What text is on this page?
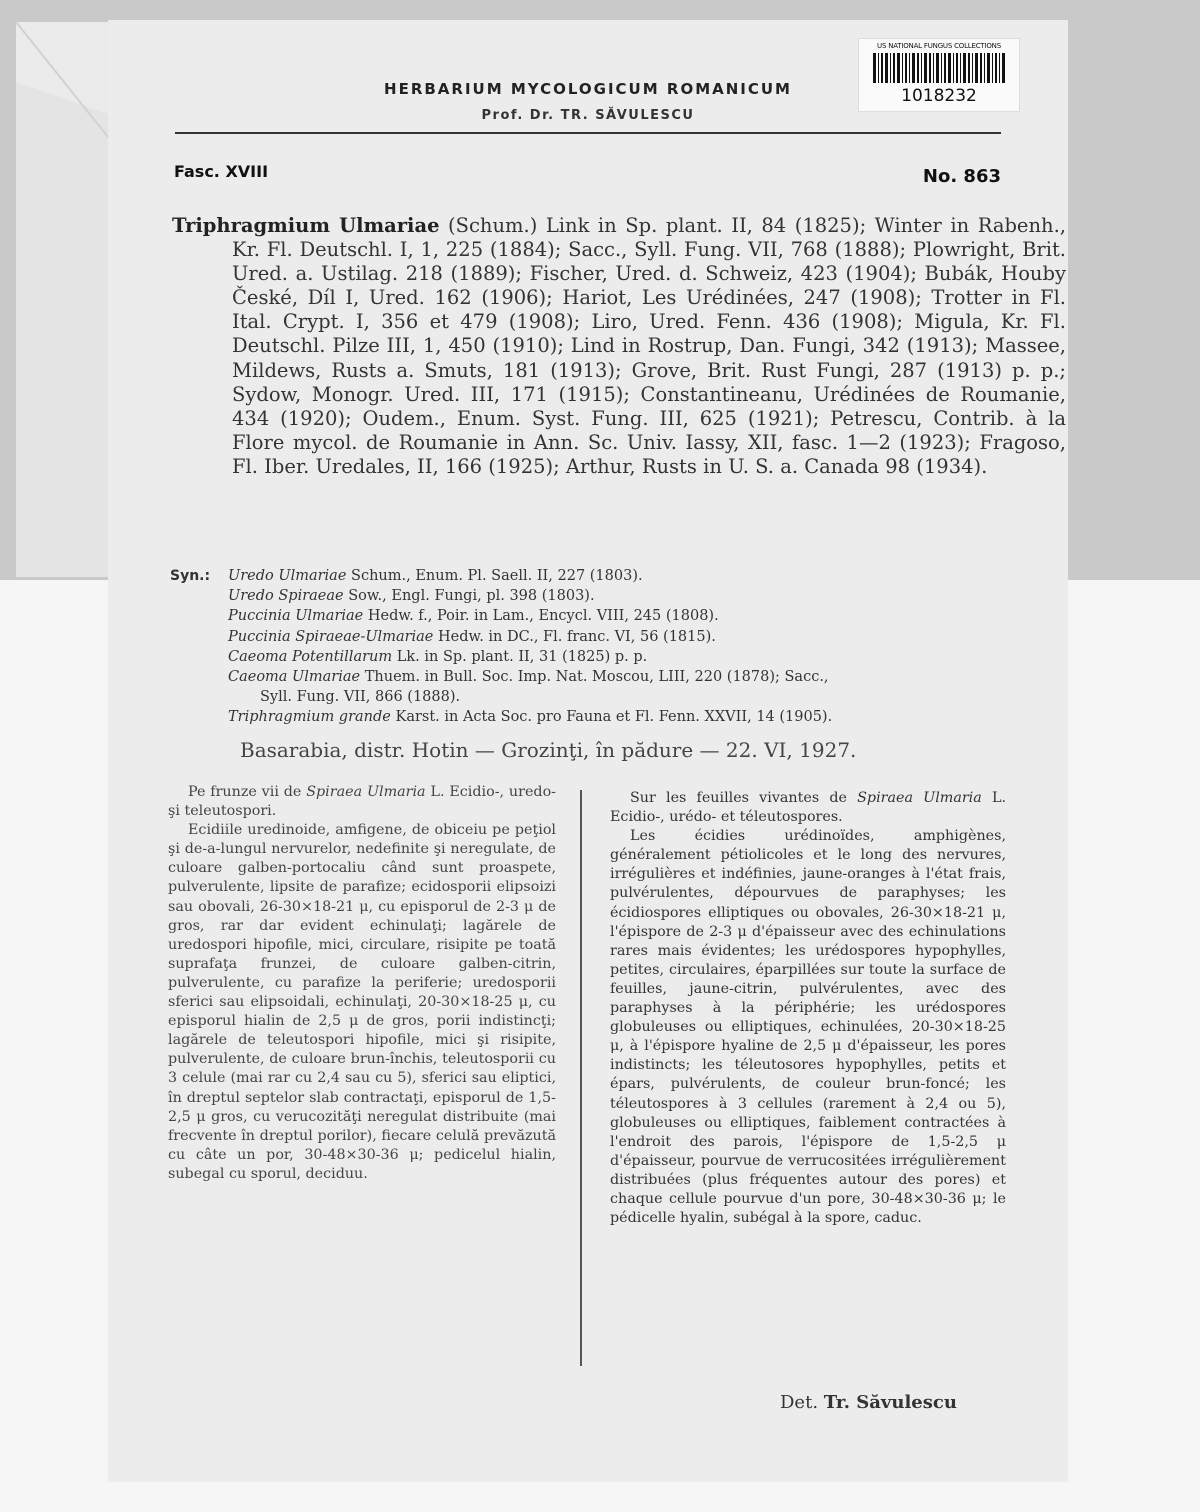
US NATIONAL FUNGUS COLLECTIONS
1018232
HERBARIUM MYCOLOGICUM ROMANICUM
Prof. Dr. TR. SĂVULESCU
Fasc. XVIII	No. 863
Triphragmium Ulmariae (Schum.) Link in Sp. plant. II, 84 (1825); Winter in Rabenh., Kr. Fl. Deutschl. I, 1, 225 (1884); Sacc., Syll. Fung. VII, 768 (1888); Plowright, Brit. Ured. a. Ustilag. 218 (1889); Fischer, Ured. d. Schweiz, 423 (1904); Bubák, Houby České, Díl I, Ured. 162 (1906); Hariot, Les Urédinées, 247 (1908); Trotter in Fl. Ital. Crypt. I, 356 et 479 (1908); Liro, Ured. Fenn. 436 (1908); Migula, Kr. Fl. Deutschl. Pilze III, 1, 450 (1910); Lind in Rostrup, Dan. Fungi, 342 (1913); Massee, Mildews, Rusts a. Smuts, 181 (1913); Grove, Brit. Rust Fungi, 287 (1913) p. p.; Sydow, Monogr. Ured. III, 171 (1915); Constantineanu, Urédinées de Roumanie, 434 (1920); Oudem., Enum. Syst. Fung. III, 625 (1921); Petrescu, Contrib. à la Flore mycol. de Roumanie in Ann. Sc. Univ. Iassy, XII, fasc. 1—2 (1923); Fragoso, Fl. Iber. Uredales, II, 166 (1925); Arthur, Rusts in U. S. a. Canada 98 (1934).
Syn.: Uredo Ulmariae Schum., Enum. Pl. Saell. II, 227 (1803).
Uredo Spiraeae Sow., Engl. Fungi, pl. 398 (1803).
Puccinia Ulmariae Hedw. f., Poir. in Lam., Encycl. VIII, 245 (1808).
Puccinia Spiraeae-Ulmariae Hedw. in DC., Fl. franc. VI, 56 (1815).
Caeoma Potentillarum Lk. in Sp. plant. II, 31 (1825) p. p.
Caeoma Ulmariae Thuem. in Bull. Soc. Imp. Nat. Moscou, LIII, 220 (1878); Sacc.,
Syll. Fung. VII, 866 (1888).
Triphragmium grande Karst. in Acta Soc. pro Fauna et Fl. Fenn. XXVII, 14 (1905).
Basarabia, distr. Hotin — Grozinţi, în pădure — 22. VI, 1927.

Pe frunze vii de Spiraea Ulmaria L. Ecidio-, uredo- şi teleutospori.

Ecidiile uredinoide, amfigene, de obiceiu pe peţiol şi de-a-lungul nervurelor, nedefinite şi neregulate, de culoare galben-portocaliu când sunt proaspete, pulverulente, lipsite de parafize; ecidosporii elipsoizi sau obovali, 26-30×18-21 μ, cu episporul de 2-3 μ de gros, rar dar evident echinulaţi; lagărele de uredospori hipofile, mici, circulare, risipite pe toată suprafaţa frunzei, de culoare galben-citrin, pulverulente, cu parafize la periferie; uredosporii sferici sau elipsoidali, echinulaţi, 20-30×18-25 μ, cu episporul hialin de 2,5 μ de gros, porii indistincţi; lagărele de teleutospori hipofile, mici şi risipite, pulverulente, de culoare brun-închis, teleutosporii cu 3 celule (mai rar cu 2,4 sau cu 5), sferici sau eliptici, în dreptul septelor slab contractaţi, episporul de 1,5-2,5 μ gros, cu verucozităţi neregulat distribuite (mai frecvente în dreptul porilor), fiecare celulă prevăzută cu câte un por, 30-48×30-36 μ; pedicelul hialin, subegal cu sporul, deciduu.

Sur les feuilles vivantes de Spiraea Ulmaria L. Ecidio-, urédo- et téleutospores.

Les écidies urédinoïdes, amphigènes, généralement pétiolicoles et le long des nervures, irrégulières et indéfinies, jaune-oranges à l'état frais, pulvérulentes, dépourvues de paraphyses; les écidiospores elliptiques ou obovales, 26-30×18-21 μ, l'épispore de 2-3 μ d'épaisseur avec des echinulations rares mais évidentes; les urédospores hypophylles, petites, circulaires, éparpillées sur toute la surface de feuilles, jaune-citrin, pulvérulentes, avec des paraphyses à la périphérie; les urédospores globuleuses ou elliptiques, echinulées, 20-30×18-25 μ, à l'épispore hyaline de 2,5 μ d'épaisseur, les pores indistincts; les téleutosores hypophylles, petits et épars, pulvérulents, de couleur brun-foncé; les téleutospores à 3 cellules (rarement à 2,4 ou 5), globuleuses ou elliptiques, faiblement contractées à l'endroit des parois, l'épispore de 1,5-2,5 μ d'épaisseur, pourvue de verrucositées irrégulièrement distribuées (plus fréquentes autour des pores) et chaque cellule pourvue d'un pore, 30-48×30-36 μ; le pédicelle hyalin, subégal à la spore, caduc.

Det. Tr. Săvulescu
